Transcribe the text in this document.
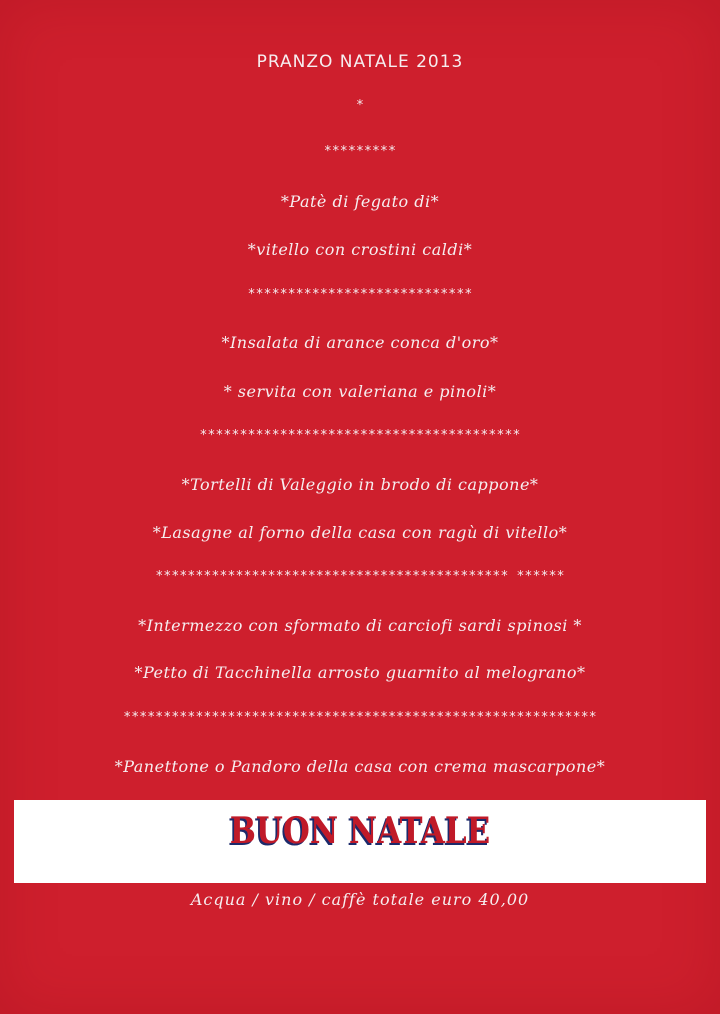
PRANZO NATALE 2013
*
*********
*Patè di fegato di*
*vitello con crostini caldi*
****************************
*Insalata di arance conca d'oro*
* servita con valeriana e pinoli*
****************************************
*Tortelli di Valeggio in brodo di cappone*
*Lasagne al forno della casa con ragù di vitello*
******************************************** ******
*Intermezzo con sformato di carciofi sardi spinosi *
*Petto di Tacchinella arrosto guarnito al melograno*
***********************************************************
*Panettone o Pandoro della casa con crema mascarpone*
BUON NATALE
Acqua / vino / caffè totale euro 40,00
